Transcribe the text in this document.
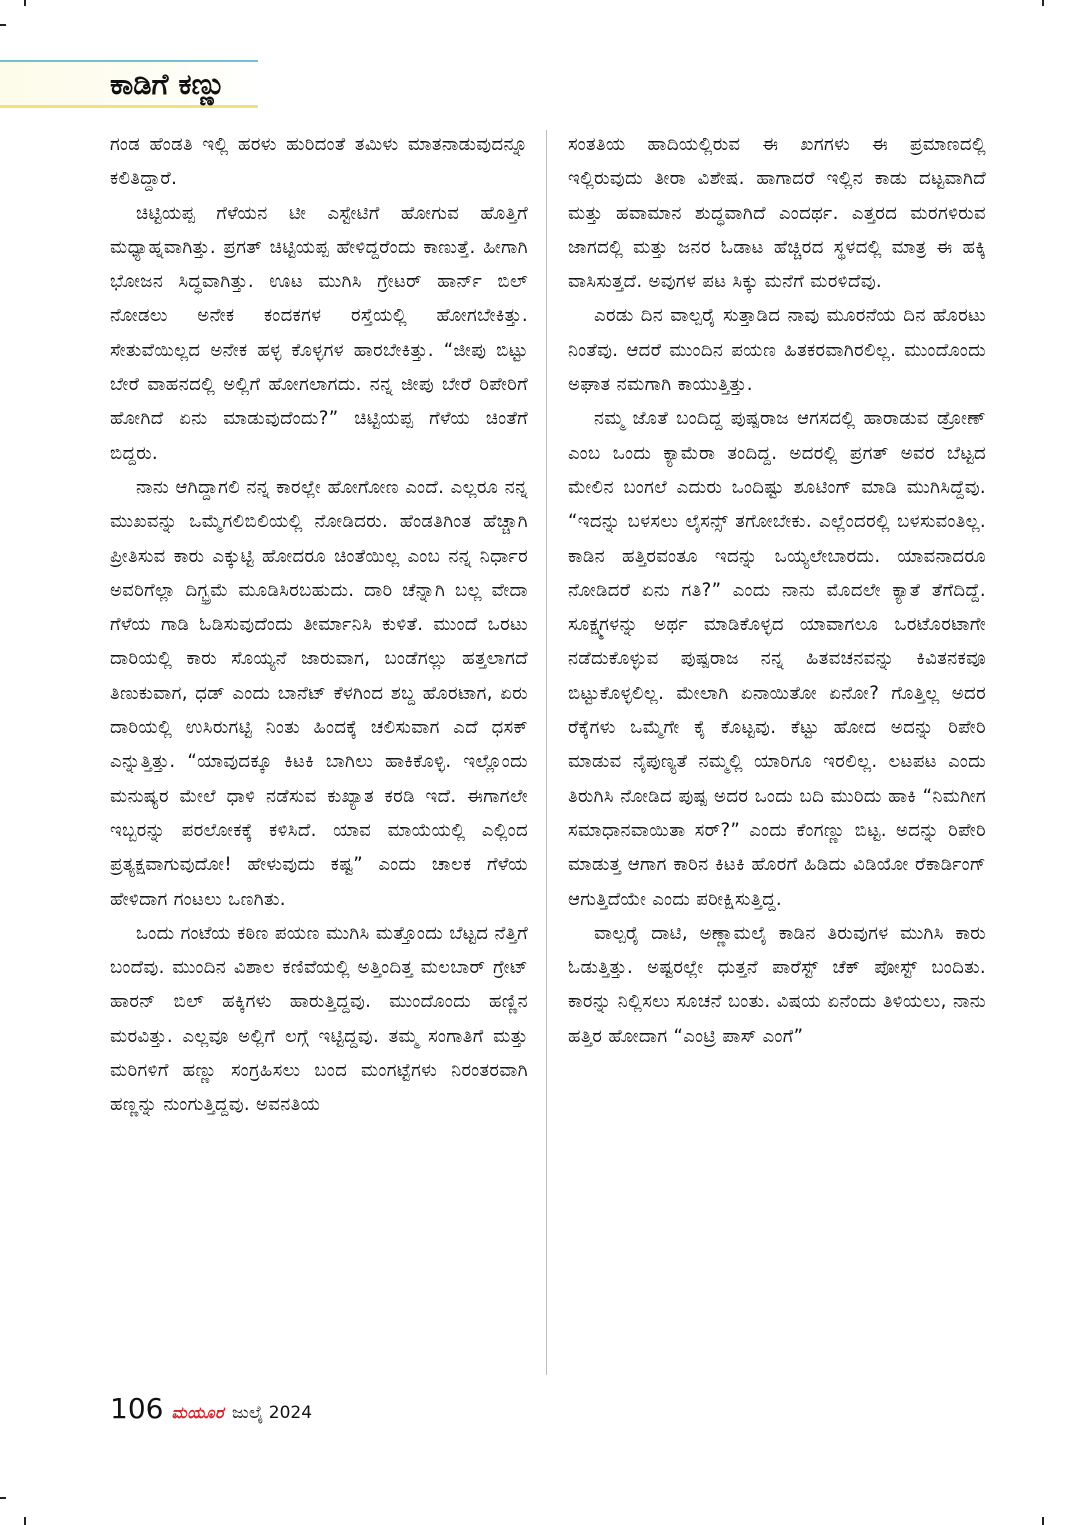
ಕಾಡಿಗೆ ಕಣ್ಣು

ಗಂಡ ಹೆಂಡತಿ ಇಲ್ಲಿ ಹರಳು ಹುರಿದಂತೆ ತಮಿಳು ಮಾತನಾಡುವುದನ್ನೂ ಕಲಿತಿದ್ದಾರೆ.

ಚಿಟ್ಟಿಯಪ್ಪ ಗೆಳೆಯನ ಟೀ ಎಸ್ಟೇಟಿಗೆ ಹೋಗುವ ಹೊತ್ತಿಗೆ ಮಧ್ಯಾಹ್ನವಾಗಿತ್ತು. ಪ್ರಗತ್ ಚಿಟ್ಟಿಯಪ್ಪ ಹೇಳಿದ್ದರೆಂದು ಕಾಣುತ್ತೆ. ಹೀಗಾಗಿ ಭೋಜನ ಸಿದ್ಧವಾಗಿತ್ತು. ಊಟ ಮುಗಿಸಿ ಗ್ರೇಟರ್ ಹಾರ್ನ್ ಬಿಲ್ ನೋಡಲು ಅನೇಕ ಕಂದಕಗಳ ರಸ್ತೆಯಲ್ಲಿ ಹೋಗಬೇಕಿತ್ತು. ಸೇತುವೆಯಿಲ್ಲದ ಅನೇಕ ಹಳ್ಳ ಕೊಳ್ಳಗಳ ಹಾರಬೇಕಿತ್ತು. “ಜೀಪು ಬಿಟ್ಟು ಬೇರೆ ವಾಹನದಲ್ಲಿ ಅಲ್ಲಿಗೆ ಹೋಗಲಾಗದು. ನನ್ನ ಜೀಪು ಬೇರೆ ರಿಪೇರಿಗೆ ಹೋಗಿದೆ ಏನು ಮಾಡುವುದೆಂದು?” ಚಿಟ್ಟಿಯಪ್ಪ ಗೆಳೆಯ ಚಿಂತೆಗೆ ಬಿದ್ದರು.

ನಾನು ಆಗಿದ್ದಾಗಲಿ ನನ್ನ ಕಾರಲ್ಲೇ ಹೋಗೋಣ ಎಂದೆ. ಎಲ್ಲರೂ ನನ್ನ ಮುಖವನ್ನು ಒಮ್ಮೆಗಲಿಬಿಲಿಯಲ್ಲಿ ನೋಡಿದರು. ಹೆಂಡತಿಗಿಂತ ಹೆಚ್ಚಾಗಿ ಪ್ರೀತಿಸುವ ಕಾರು ಎಕ್ಕುಟ್ಟಿ ಹೋದರೂ ಚಿಂತೆಯಿಲ್ಲ ಎಂಬ ನನ್ನ ನಿರ್ಧಾರ ಅವರಿಗೆಲ್ಲಾ ದಿಗ್ಭ್ರಮೆ ಮೂಡಿಸಿರಬಹುದು. ದಾರಿ ಚೆನ್ನಾಗಿ ಬಲ್ಲ ವೇದಾ ಗೆಳೆಯ ಗಾಡಿ ಓಡಿಸುವುದೆಂದು ತೀರ್ಮಾನಿಸಿ ಕುಳಿತೆ. ಮುಂದೆ ಒರಟು ದಾರಿಯಲ್ಲಿ ಕಾರು ಸೊಯ್ಯನೆ ಜಾರುವಾಗ, ಬಂಡೆಗಲ್ಲು ಹತ್ತಲಾಗದೆ ತಿಣುಕುವಾಗ, ಧಡ್ ಎಂದು ಬಾನೆಟ್ ಕೆಳಗಿಂದ ಶಬ್ದ ಹೊರಟಾಗ, ಏರು ದಾರಿಯಲ್ಲಿ ಉಸಿರುಗಟ್ಟಿ ನಿಂತು ಹಿಂದಕ್ಕೆ ಚಲಿಸುವಾಗ ಎದೆ ಧಸಕ್ ಎನ್ನುತ್ತಿತ್ತು. “ಯಾವುದಕ್ಕೂ ಕಿಟಕಿ ಬಾಗಿಲು ಹಾಕಿಕೊಳ್ಳಿ. ಇಲ್ಲೊಂದು ಮನುಷ್ಯರ ಮೇಲೆ ಧಾಳಿ ನಡೆಸುವ ಕುಖ್ಯಾತ ಕರಡಿ ಇದೆ. ಈಗಾಗಲೇ ಇಬ್ಬರನ್ನು ಪರಲೋಕಕ್ಕೆ ಕಳಿಸಿದೆ. ಯಾವ ಮಾಯೆಯಲ್ಲಿ ಎಲ್ಲಿಂದ ಪ್ರತ್ಯಕ್ಷವಾಗುವುದೋ! ಹೇಳುವುದು ಕಷ್ಟ” ಎಂದು ಚಾಲಕ ಗೆಳೆಯ ಹೇಳಿದಾಗ ಗಂಟಲು ಒಣಗಿತು.

ಒಂದು ಗಂಟೆಯ ಕಠಿಣ ಪಯಣ ಮುಗಿಸಿ ಮತ್ತೊಂದು ಬೆಟ್ಟದ ನೆತ್ತಿಗೆ ಬಂದೆವು. ಮುಂದಿನ ವಿಶಾಲ ಕಣಿವೆಯಲ್ಲಿ ಅತ್ತಿಂದಿತ್ತ ಮಲಬಾರ್ ಗ್ರೇಟ್ ಹಾರನ್ ಬಿಲ್ ಹಕ್ಕಿಗಳು ಹಾರುತ್ತಿದ್ದವು. ಮುಂದೊಂದು ಹಣ್ಣಿನ ಮರವಿತ್ತು. ಎಲ್ಲವೂ ಅಲ್ಲಿಗೆ ಲಗ್ಗೆ ಇಟ್ಟಿದ್ದವು. ತಮ್ಮ ಸಂಗಾತಿಗೆ ಮತ್ತು ಮರಿಗಳಿಗೆ ಹಣ್ಣು ಸಂಗ್ರಹಿಸಲು ಬಂದ ಮಂಗಟ್ಟೆಗಳು ನಿರಂತರವಾಗಿ ಹಣ್ಣನ್ನು ನುಂಗುತ್ತಿದ್ದವು. ಅವನತಿಯ

ಸಂತತಿಯ ಹಾದಿಯಲ್ಲಿರುವ ಈ ಖಗಗಳು ಈ ಪ್ರಮಾಣದಲ್ಲಿ ಇಲ್ಲಿರುವುದು ತೀರಾ ವಿಶೇಷ. ಹಾಗಾದರೆ ಇಲ್ಲಿನ ಕಾಡು ದಟ್ಟವಾಗಿದೆ ಮತ್ತು ಹವಾಮಾನ ಶುದ್ಧವಾಗಿದೆ ಎಂದರ್ಥ. ಎತ್ತರದ ಮರಗಳಿರುವ ಜಾಗದಲ್ಲಿ ಮತ್ತು ಜನರ ಓಡಾಟ ಹೆಚ್ಚಿರದ ಸ್ಥಳದಲ್ಲಿ ಮಾತ್ರ ಈ ಹಕ್ಕಿ ವಾಸಿಸುತ್ತದೆ. ಅವುಗಳ ಪಟ ಸಿಕ್ಕು ಮನೆಗೆ ಮರಳಿದೆವು.

ಎರಡು ದಿನ ವಾಲ್ಪರೈ ಸುತ್ತಾಡಿದ ನಾವು ಮೂರನೆಯ ದಿನ ಹೊರಟು ನಿಂತೆವು. ಆದರೆ ಮುಂದಿನ ಪಯಣ ಹಿತಕರವಾಗಿರಲಿಲ್ಲ. ಮುಂದೊಂದು ಅಘಾತ ನಮಗಾಗಿ ಕಾಯುತ್ತಿತ್ತು.

ನಮ್ಮ ಜೊತೆ ಬಂದಿದ್ದ ಪುಷ್ಪರಾಜ ಆಗಸದಲ್ಲಿ ಹಾರಾಡುವ ಡ್ರೋಣ್ ಎಂಬ ಒಂದು ಕ್ಯಾಮೆರಾ ತಂದಿದ್ದ. ಅದರಲ್ಲಿ ಪ್ರಗತ್ ಅವರ ಬೆಟ್ಟದ ಮೇಲಿನ ಬಂಗಲೆ ಎದುರು ಒಂದಿಷ್ಟು ಶೂಟಿಂಗ್ ಮಾಡಿ ಮುಗಿಸಿದ್ದೆವು. “ಇದನ್ನು ಬಳಸಲು ಲೈಸನ್ಸ್ ತಗೋಬೇಕು. ಎಲ್ಲೆಂದರಲ್ಲಿ ಬಳಸುವಂತಿಲ್ಲ. ಕಾಡಿನ ಹತ್ತಿರವಂತೂ ಇದನ್ನು ಒಯ್ಯಲೇಬಾರದು. ಯಾವನಾದರೂ ನೋಡಿದರೆ ಏನು ಗತಿ?” ಎಂದು ನಾನು ಮೊದಲೇ ಕ್ಯಾತೆ ತೆಗೆದಿದ್ದೆ. ಸೂಕ್ಷ್ಮಗಳನ್ನು ಅರ್ಥ ಮಾಡಿಕೊಳ್ಳದ ಯಾವಾಗಲೂ ಒರಟೊರಟಾಗೇ ನಡೆದುಕೊಳ್ಳುವ ಪುಷ್ಪರಾಜ ನನ್ನ ಹಿತವಚನವನ್ನು ಕಿವಿತನಕವೂ ಬಿಟ್ಟುಕೊಳ್ಳಲಿಲ್ಲ. ಮೇಲಾಗಿ ಏನಾಯಿತೋ ಏನೋ? ಗೊತ್ತಿಲ್ಲ ಅದರ ರೆಕ್ಕೆಗಳು ಒಮ್ಮೆಗೇ ಕೈ ಕೊಟ್ಟವು. ಕೆಟ್ಟು ಹೋದ ಅದನ್ನು ರಿಪೇರಿ ಮಾಡುವ ನೈಪುಣ್ಯತೆ ನಮ್ಮಲ್ಲಿ ಯಾರಿಗೂ ಇರಲಿಲ್ಲ. ಲಟಪಟ ಎಂದು ತಿರುಗಿಸಿ ನೋಡಿದ ಪುಷ್ಪ ಅದರ ಒಂದು ಬದಿ ಮುರಿದು ಹಾಕಿ “ನಿಮಗೀಗ ಸಮಾಧಾನವಾಯಿತಾ ಸರ್?” ಎಂದು ಕೆಂಗಣ್ಣು ಬಿಟ್ಟ. ಅದನ್ನು ರಿಪೇರಿ ಮಾಡುತ್ತ ಆಗಾಗ ಕಾರಿನ ಕಿಟಕಿ ಹೊರಗೆ ಹಿಡಿದು ವಿಡಿಯೋ ರೆಕಾರ್ಡಿಂಗ್ ಆಗುತ್ತಿದೆಯೇ ಎಂದು ಪರೀಕ್ಷಿಸುತ್ತಿದ್ದ.

ವಾಲ್ಪರೈ ದಾಟಿ, ಅಣ್ಣಾಮಲೈ ಕಾಡಿನ ತಿರುವುಗಳ ಮುಗಿಸಿ ಕಾರು ಓಡುತ್ತಿತ್ತು. ಅಷ್ಟರಲ್ಲೇ ಧುತ್ತನೆ ಪಾರೆಸ್ಟ್ ಚೆಕ್ ಪೋಸ್ಟ್ ಬಂದಿತು. ಕಾರನ್ನು ನಿಲ್ಲಿಸಲು ಸೂಚನೆ ಬಂತು. ವಿಷಯ ಏನೆಂದು ತಿಳಿಯಲು, ನಾನು ಹತ್ತಿರ ಹೋದಾಗ “ಎಂಟ್ರಿ ಪಾಸ್ ಎಂಗೆ”

106 ಮಯೂರ ಜುಲೈ 2024
